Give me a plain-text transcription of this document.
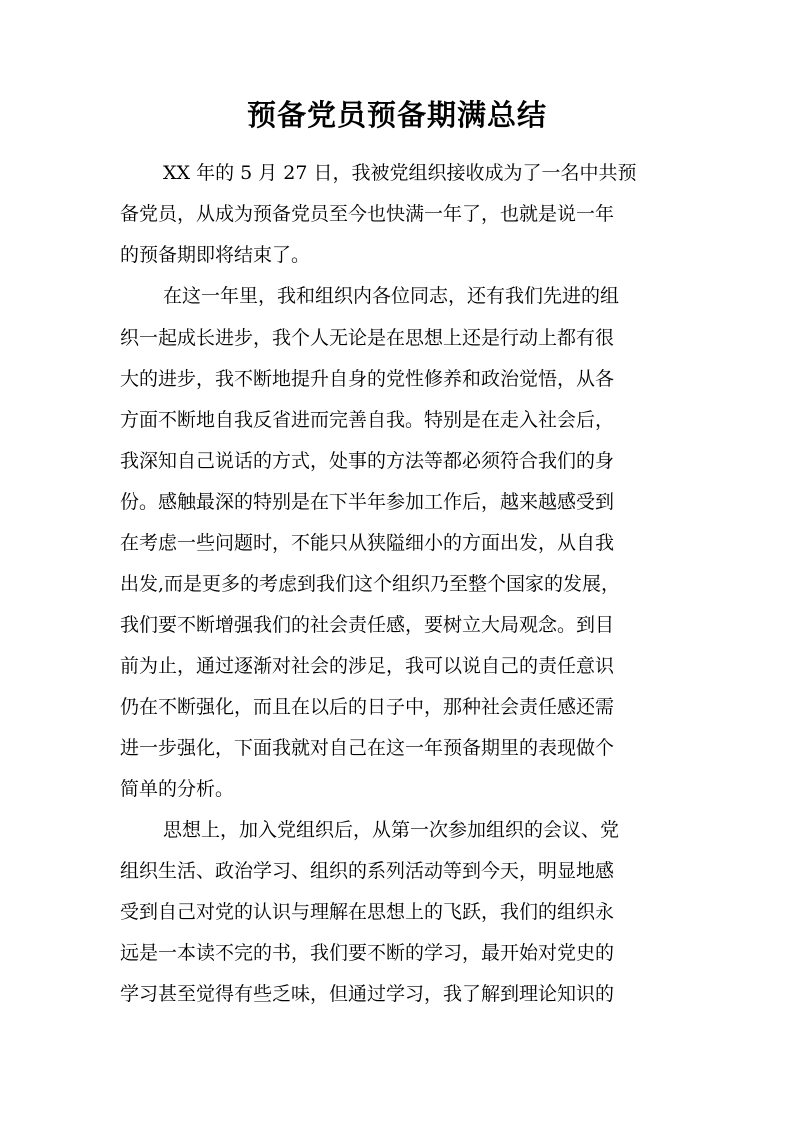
预备党员预备期满总结
XX 年的 5 月 27 日，我被党组织接收成为了一名中共预
备党员，从成为预备党员至今也快满一年了，也就是说一年
的预备期即将结束了。
在这一年里，我和组织内各位同志，还有我们先进的组
织一起成长进步，我个人无论是在思想上还是行动上都有很
大的进步，我不断地提升自身的党性修养和政治觉悟，从各
方面不断地自我反省进而完善自我。特别是在走入社会后，
我深知自己说话的方式，处事的方法等都必须符合我们的身
份。感触最深的特别是在下半年参加工作后，越来越感受到
在考虑一些问题时，不能只从狭隘细小的方面出发，从自我
出发,而是更多的考虑到我们这个组织乃至整个国家的发展，
我们要不断增强我们的社会责任感，要树立大局观念。到目
前为止，通过逐渐对社会的涉足，我可以说自己的责任意识
仍在不断强化，而且在以后的日子中，那种社会责任感还需
进一步强化，下面我就对自己在这一年预备期里的表现做个
简单的分析。
思想上，加入党组织后，从第一次参加组织的会议、党
组织生活、政治学习、组织的系列活动等到今天，明显地感
受到自己对党的认识与理解在思想上的飞跃，我们的组织永
远是一本读不完的书，我们要不断的学习，最开始对党史的
学习甚至觉得有些乏味，但通过学习，我了解到理论知识的
